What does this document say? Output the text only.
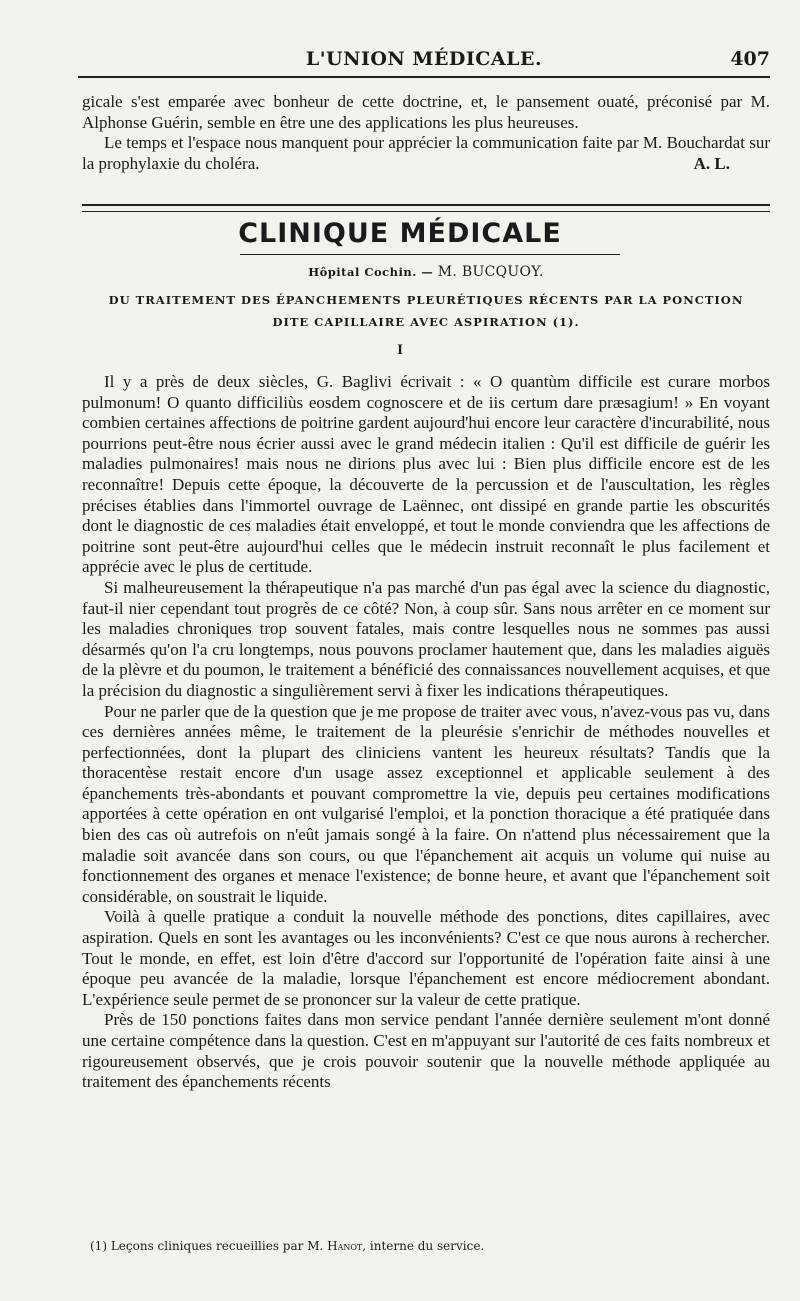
L'UNION MÉDICALE.	407

gicale s'est emparée avec bonheur de cette doctrine, et, le pansement ouaté, préconisé par M. Alphonse Guérin, semble en être une des applications les plus heureuses.

Le temps et l'espace nous manquent pour apprécier la communication faite par M. Bouchardat sur la prophylaxie du choléra.	A. L.

CLINIQUE MÉDICALE
Hôpital Cochin. — M. BUCQUOY.
DU TRAITEMENT DES ÉPANCHEMENTS PLEURÉTIQUES RÉCENTS PAR LA PONCTION
DITE CAPILLAIRE AVEC ASPIRATION (1).
I

Il y a près de deux siècles, G. Baglivi écrivait : « O quantùm difficile est curare morbos pulmonum! O quanto difficiliùs eosdem cognoscere et de iis certum dare præsagium! » En voyant combien certaines affections de poitrine gardent aujourd'hui encore leur caractère d'incurabilité, nous pourrions peut-être nous écrier aussi avec le grand médecin italien : Qu'il est difficile de guérir les maladies pulmonaires! mais nous ne dirions plus avec lui : Bien plus difficile encore est de les reconnaître! Depuis cette époque, la découverte de la percussion et de l'auscultation, les règles précises établies dans l'immortel ouvrage de Laënnec, ont dissipé en grande partie les obscurités dont le diagnostic de ces maladies était enveloppé, et tout le monde conviendra que les affections de poitrine sont peut-être aujourd'hui celles que le médecin instruit reconnaît le plus facilement et apprécie avec le plus de certitude.

Si malheureusement la thérapeutique n'a pas marché d'un pas égal avec la science du diagnostic, faut-il nier cependant tout progrès de ce côté? Non, à coup sûr. Sans nous arrêter en ce moment sur les maladies chroniques trop souvent fatales, mais contre lesquelles nous ne sommes pas aussi désarmés qu'on l'a cru longtemps, nous pouvons proclamer hautement que, dans les maladies aiguës de la plèvre et du poumon, le traitement a bénéficié des connaissances nouvellement acquises, et que la précision du diagnostic a singulièrement servi à fixer les indications thérapeutiques.

Pour ne parler que de la question que je me propose de traiter avec vous, n'avez-vous pas vu, dans ces dernières années même, le traitement de la pleurésie s'enrichir de méthodes nouvelles et perfectionnées, dont la plupart des cliniciens vantent les heureux résultats? Tandis que la thoracentèse restait encore d'un usage assez exceptionnel et applicable seulement à des épanchements très-abondants et pouvant compromettre la vie, depuis peu certaines modifications apportées à cette opération en ont vulgarisé l'emploi, et la ponction thoracique a été pratiquée dans bien des cas où autrefois on n'eût jamais songé à la faire. On n'attend plus nécessairement que la maladie soit avancée dans son cours, ou que l'épanchement ait acquis un volume qui nuise au fonctionnement des organes et menace l'existence; de bonne heure, et avant que l'épanchement soit considérable, on soustrait le liquide.

Voilà à quelle pratique a conduit la nouvelle méthode des ponctions, dites capillaires, avec aspiration. Quels en sont les avantages ou les inconvénients? C'est ce que nous aurons à rechercher. Tout le monde, en effet, est loin d'être d'accord sur l'opportunité de l'opération faite ainsi à une époque peu avancée de la maladie, lorsque l'épanchement est encore médiocrement abondant. L'expérience seule permet de se prononcer sur la valeur de cette pratique.

Près de 150 ponctions faites dans mon service pendant l'année dernière seulement m'ont donné une certaine compétence dans la question. C'est en m'appuyant sur l'autorité de ces faits nombreux et rigoureusement observés, que je crois pouvoir soutenir que la nouvelle méthode appliquée au traitement des épanchements récents

(1) Leçons cliniques recueillies par M. Hanot, interne du service.
